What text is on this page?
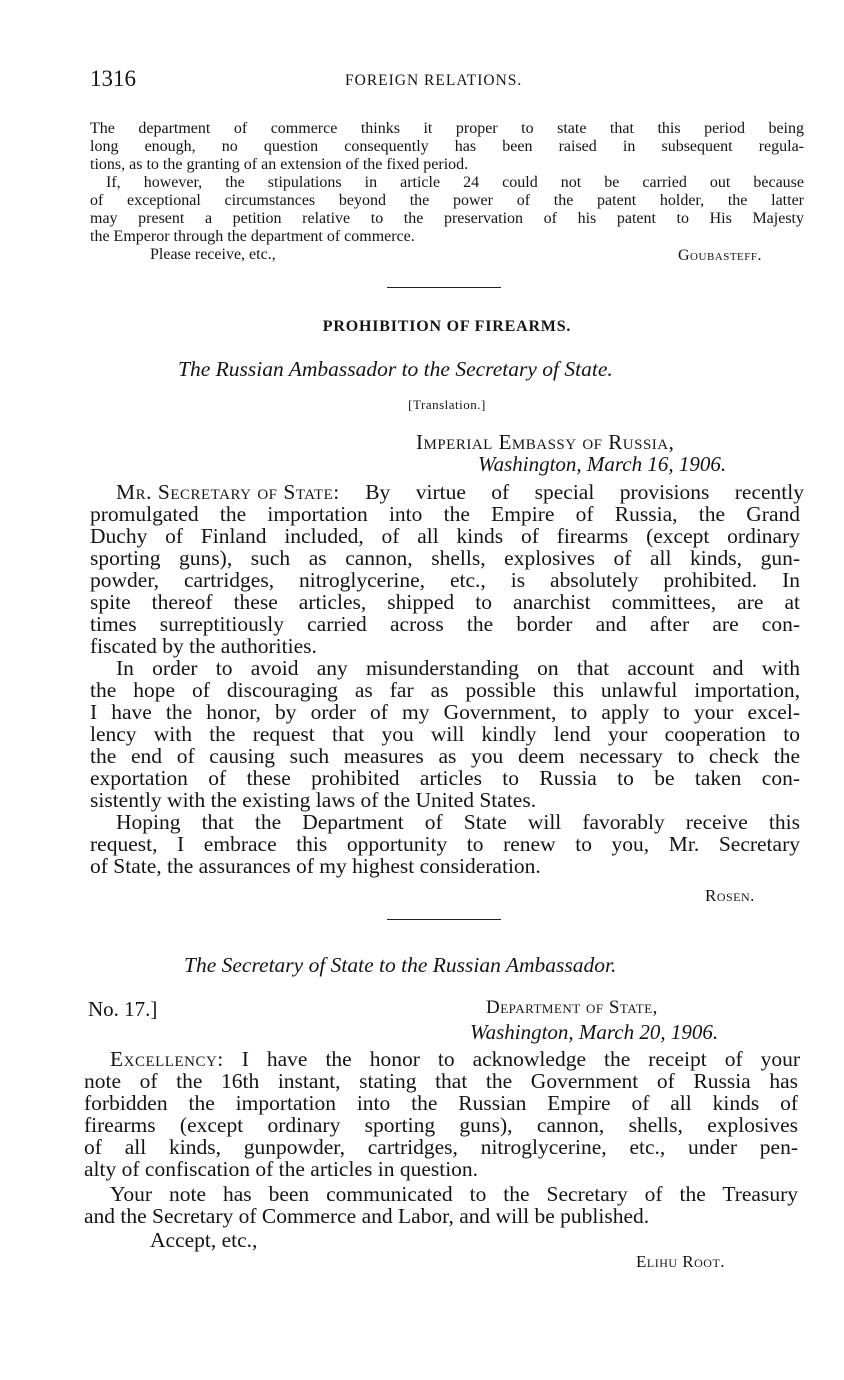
1316	FOREIGN RELATIONS.
The department of commerce thinks it proper to state that this period being
long enough, no question consequently has been raised in subsequent regula-
tions, as to the granting of an extension of the fixed period.
If, however, the stipulations in article 24 could not be carried out because
of exceptional circumstances beyond the power of the patent holder, the latter
may present a petition relative to the preservation of his patent to His Majesty
the Emperor through the department of commerce.
Please receive, etc.,	Goubasteff.
PROHIBITION OF FIREARMS.
The Russian Ambassador to the Secretary of State.
[Translation.]
Imperial Embassy of Russia,
Washington, March 16, 1906.
Mr. Secretary of State: By virtue of special provisions recently
promulgated the importation into the Empire of Russia, the Grand
Duchy of Finland included, of all kinds of firearms (except ordinary
sporting guns), such as cannon, shells, explosives of all kinds, gun-
powder, cartridges, nitroglycerine, etc., is absolutely prohibited. In
spite thereof these articles, shipped to anarchist committees, are at
times surreptitiously carried across the border and after are con-
fiscated by the authorities.
In order to avoid any misunderstanding on that account and with
the hope of discouraging as far as possible this unlawful importation,
I have the honor, by order of my Government, to apply to your excel-
lency with the request that you will kindly lend your cooperation to
the end of causing such measures as you deem necessary to check the
exportation of these prohibited articles to Russia to be taken con-
sistently with the existing laws of the United States.
Hoping that the Department of State will favorably receive this
request, I embrace this opportunity to renew to you, Mr. Secretary
of State, the assurances of my highest consideration.
Rosen.
The Secretary of State to the Russian Ambassador.
No. 17.]	Department of State,
Washington, March 20, 1906.
Excellency: I have the honor to acknowledge the receipt of your
note of the 16th instant, stating that the Government of Russia has
forbidden the importation into the Russian Empire of all kinds of
firearms (except ordinary sporting guns), cannon, shells, explosives
of all kinds, gunpowder, cartridges, nitroglycerine, etc., under pen-
alty of confiscation of the articles in question.
Your note has been communicated to the Secretary of the Treasury
and the Secretary of Commerce and Labor, and will be published.
Accept, etc.,
Elihu Root.
